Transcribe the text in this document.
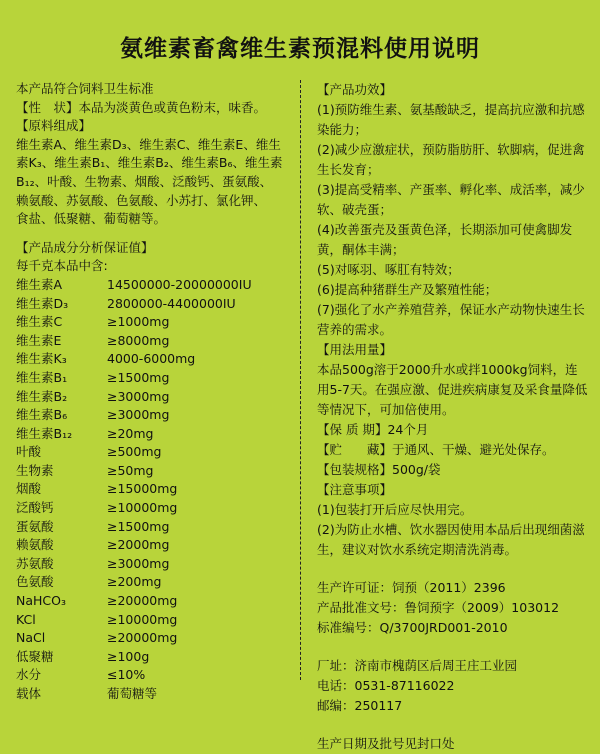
氨维素畜禽维生素预混料使用说明
本产品符合饲料卫生标准
【性　状】本品为淡黄色或黄色粉末，味香。
【原料组成】
维生素A、维生素D₃、维生素C、维生素E、维生
素K₃、维生素B₁、维生素B₂、维生素B₆、维生素
B₁₂、叶酸、生物素、烟酸、泛酸钙、蛋氨酸、
赖氨酸、苏氨酸、色氨酸、小苏打、氯化钾、
食盐、低聚糖、葡萄糖等。
【产品成分分析保证值】
每千克本品中含:
维生素A	14500000-20000000IU
维生素D₃	2800000-4400000IU
维生素C	≥1000mg
维生素E	≥8000mg
维生素K₃	4000-6000mg
维生素B₁	≥1500mg
维生素B₂	≥3000mg
维生素B₆	≥3000mg
维生素B₁₂	≥20mg
叶酸	≥500mg
生物素	≥50mg
烟酸	≥15000mg
泛酸钙	≥10000mg
蛋氨酸	≥1500mg
赖氨酸	≥2000mg
苏氨酸	≥3000mg
色氨酸	≥200mg
NaHCO₃	≥20000mg
KCl	≥10000mg
NaCl	≥20000mg
低聚糖	≥100g
水分	≤10%
载体	葡萄糖等
【产品功效】
(1)预防维生素、氨基酸缺乏，提高抗应激和抗感染能力；
(2)减少应激症状，预防脂肪肝、软脚病，促进禽生长发育；
(3)提高受精率、产蛋率、孵化率、成活率，减少软、破壳蛋；
(4)改善蛋壳及蛋黄色泽，长期添加可使禽脚发黄，酮体丰满；
(5)对啄羽、啄肛有特效；
(6)提高种猪群生产及繁殖性能；
(7)强化了水产养殖营养，保证水产动物快速生长营养的需求。
【用法用量】
本品500g溶于2000升水或拌1000kg饲料，连用5-7天。在强应激、促进疾病康复及采食量降低等情况下，可加倍使用。
【保 质 期】24个月
【贮　　藏】于通风、干燥、避光处保存。
【包装规格】500g/袋
【注意事项】
(1)包装打开后应尽快用完。
(2)为防止水槽、饮水器因使用本品后出现细菌滋生，建议对饮水系统定期清洗消毒。
生产许可证：饲预（2011）2396
产品批准文号：鲁饲预字（2009）103012
标准编号：Q/3700JRD001-2010
厂址：济南市槐荫区后周王庄工业园
电话：0531-87116022
邮编：250117
生产日期及批号见封口处
